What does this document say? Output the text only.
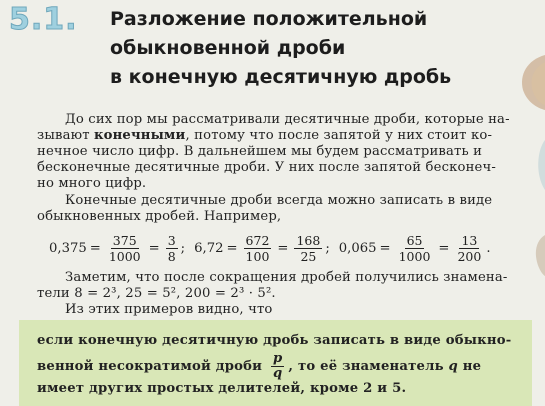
5.1. Разложение положительной
обыкновенной дроби
в конечную десятичную дробь
До сих пор мы рассматривали десятичные дроби, которые на-
зывают конечными, потому что после запятой у них стоит ко-
нечное число цифр. В дальнейшем мы будем рассматривать и
бесконечные десятичные дроби. У них после запятой бесконеч-
но много цифр.
Конечные десятичные дроби всегда можно записать в виде
обыкновенных дробей. Например,
$0,375 = \frac{375}{1000} = \frac{3}{8}$ ; $6,72 = \frac{672}{100} = \frac{168}{25}$ ; $0,065 = \frac{65}{1000} = \frac{13}{200}$ .
Заметим, что после сокращения дробей получились знамена-
тели 8 = 2³, 25 = 5², 200 = 2³ · 5².
Из этих примеров видно, что
если конечную десятичную дробь записать в виде обыкно-
венной несократимой дроби $\frac{p}{q}$ , то её знаменатель q не
имеет других простых делителей, кроме 2 и 5.
